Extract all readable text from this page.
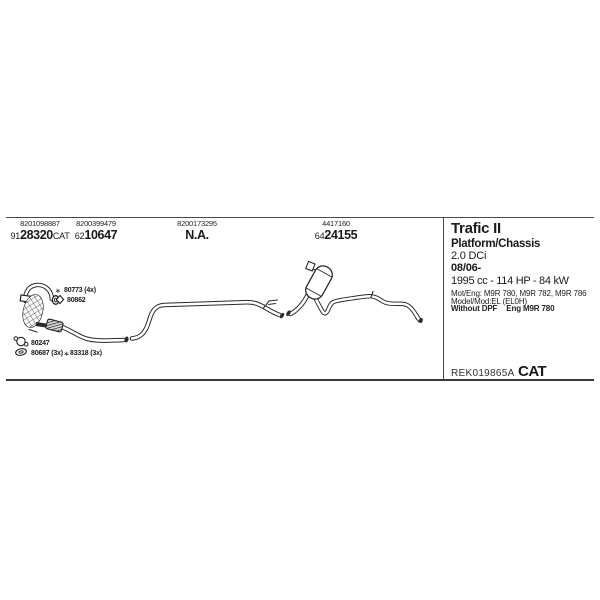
8201098887
9128320CAT
8200399479
6210647
8200173295
N.A.
4417160
6424155	Trafic II
Platform/Chassis
2.0 DCi
08/06-
1995 cc - 114 HP - 84 kW
Mot/Eng: M9R 780, M9R 782, M9R 786
Model/Mod:EL (EL0H)
Without DPF Eng M9R 780
REK019865A CAT
∗ 80773 (4x)
80862
80247
80687 (3x) ∗ 83318 (3x)
